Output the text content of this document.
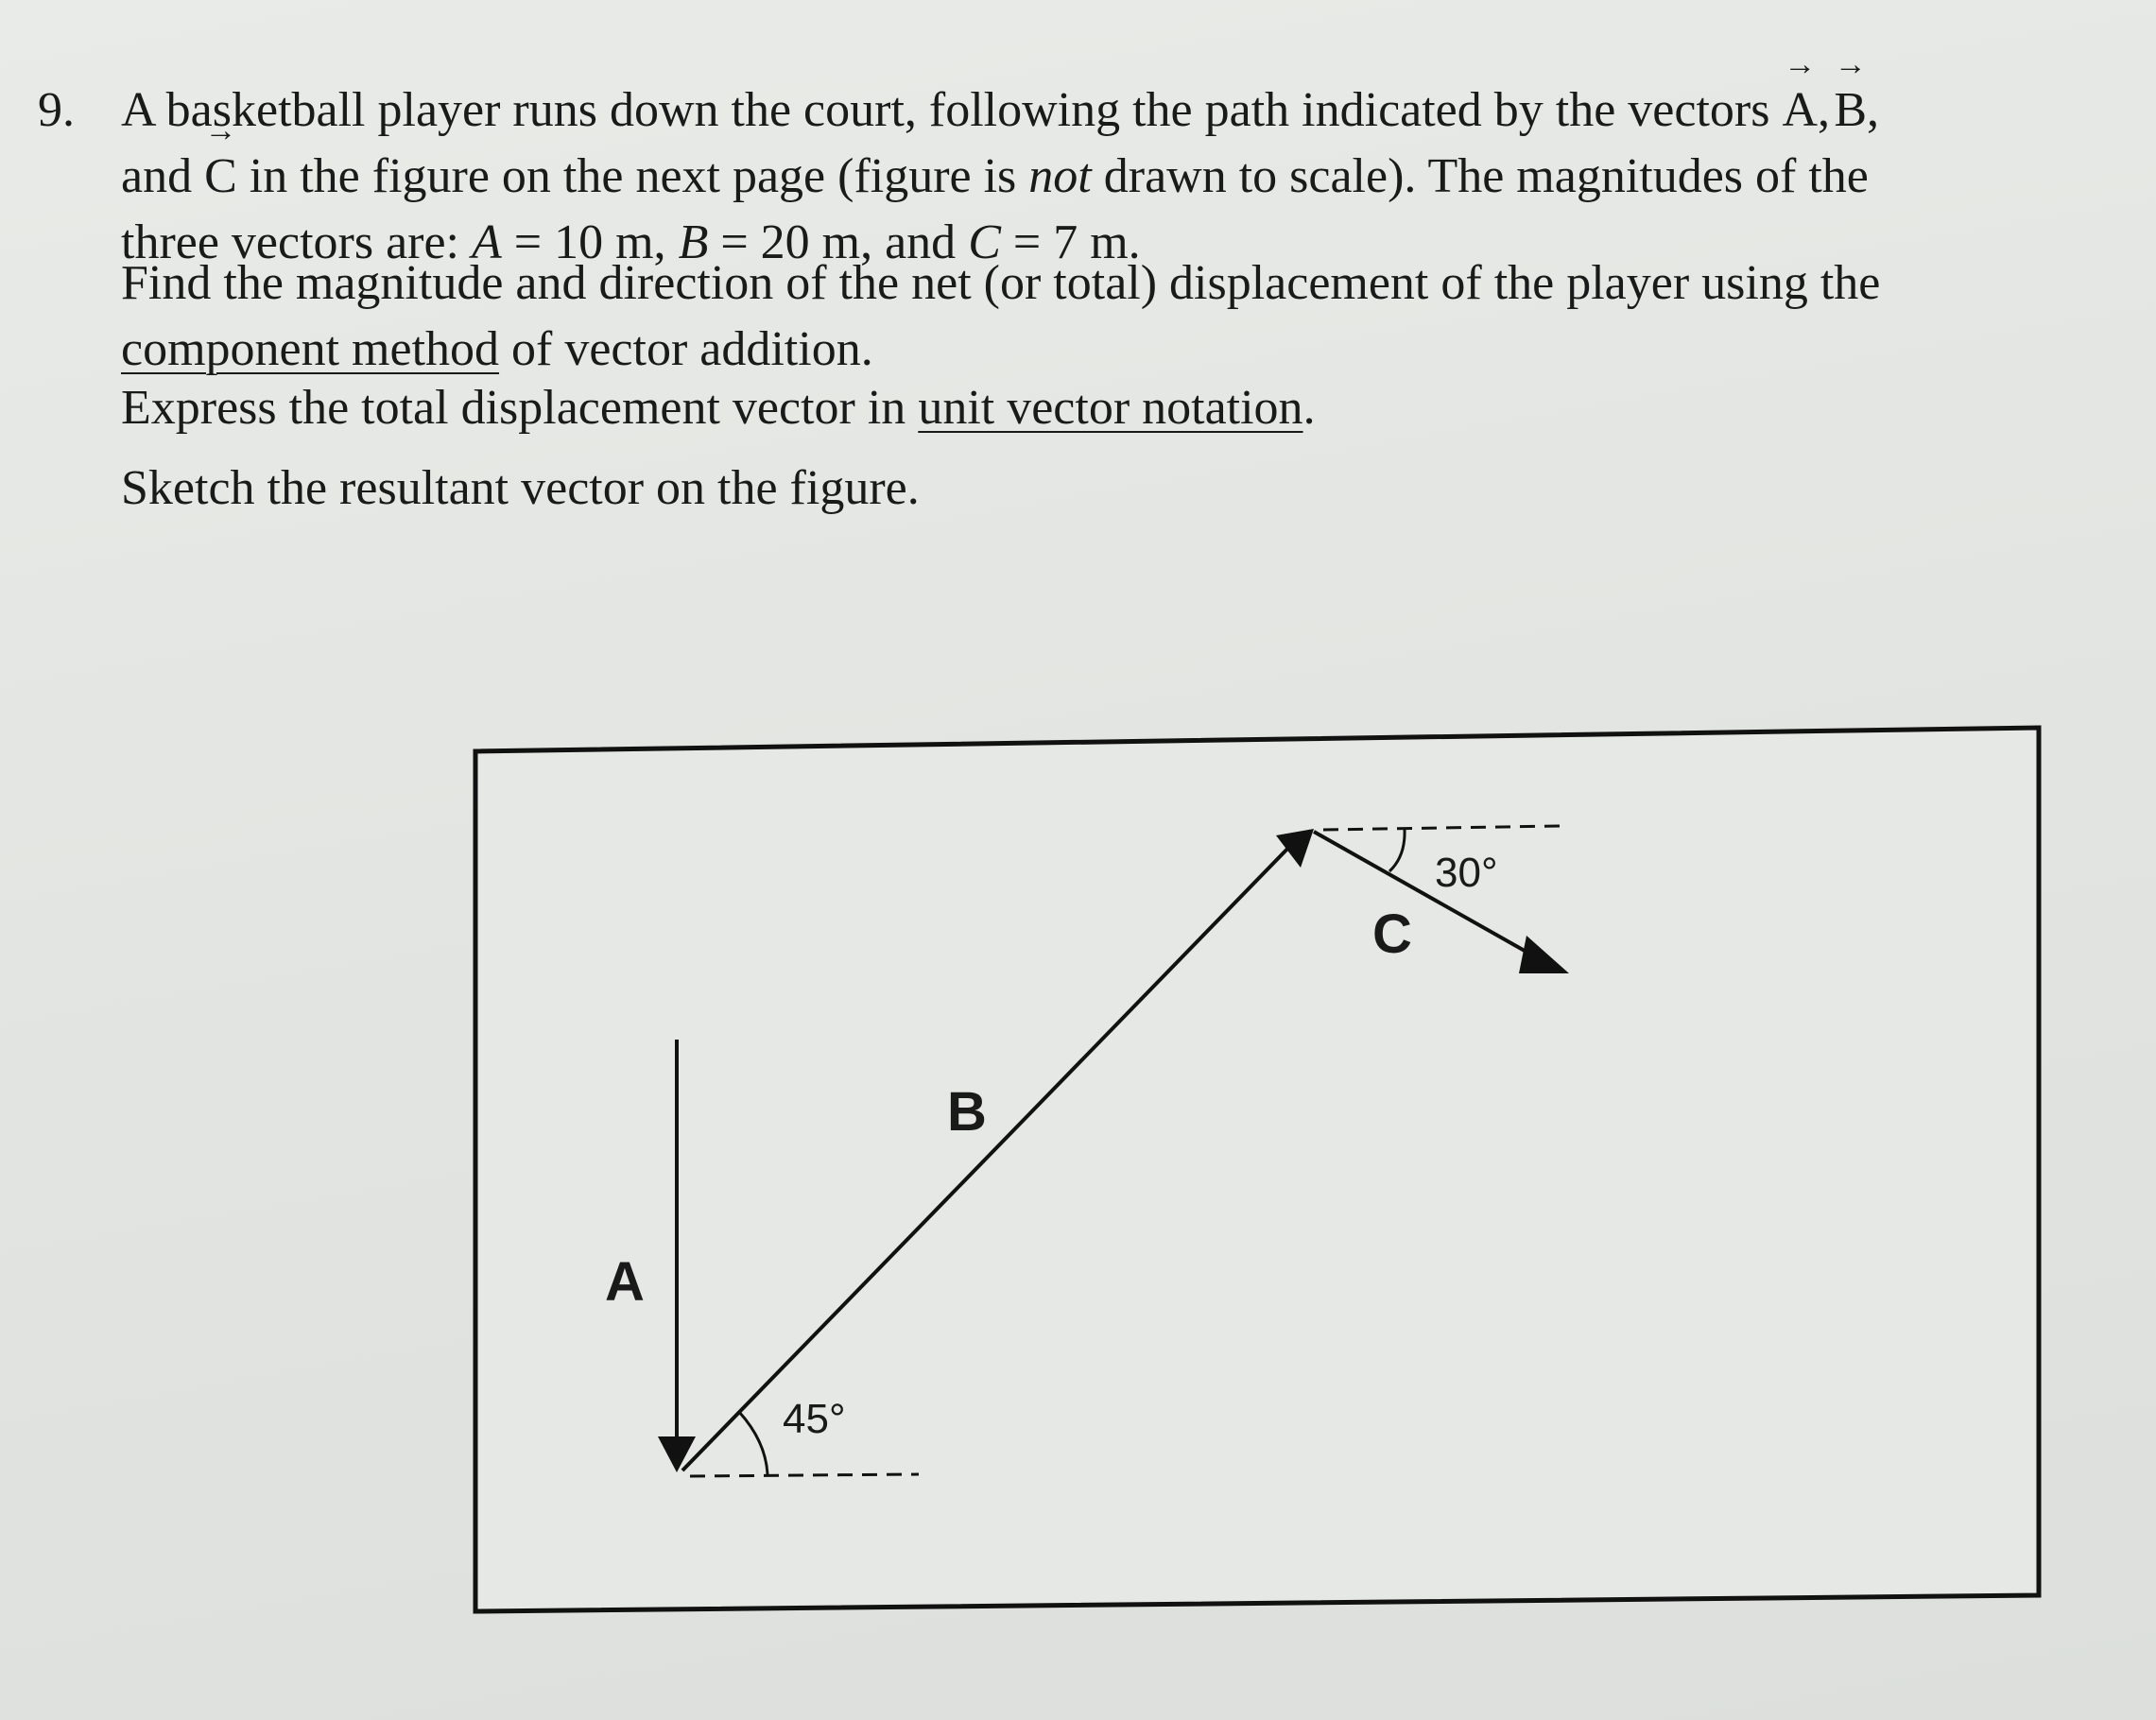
9. A basketball player runs down the court, following the path indicated by the vectors → A, → B,
and → C in the figure on the next page (figure is not drawn to scale). The magnitudes of the
three vectors are: A = 10 m, B = 20 m, and C = 7 m.
Find the magnitude and direction of the net (or total) displacement of the player using the
component method of vector addition.
Express the total displacement vector in unit vector notation.
Sketch the resultant vector on the figure.
A
B
C
45°
30°
